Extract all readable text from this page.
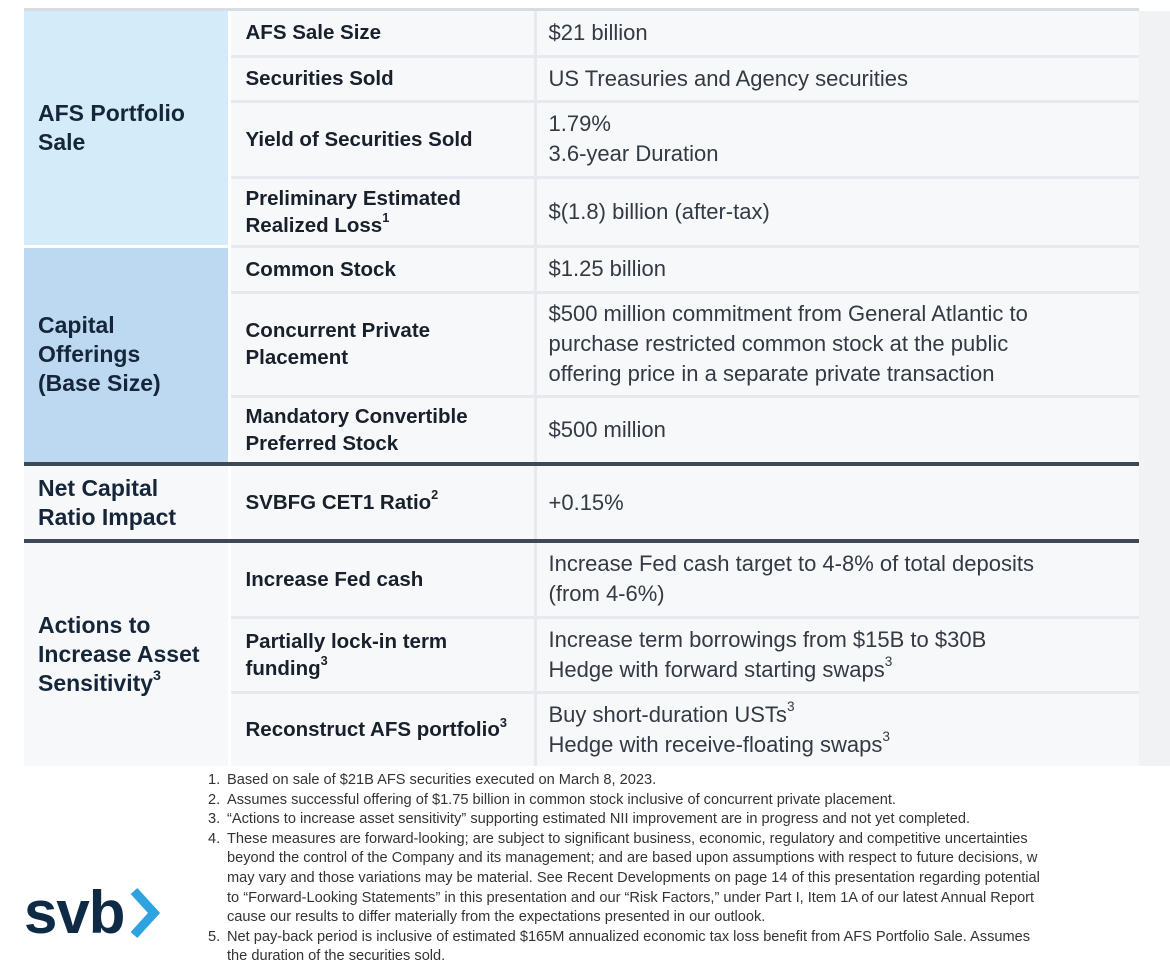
AFS Portfolio
Sale	AFS Sale Size	$21 billion

	Securities Sold	US Treasuries and Agency securities

	Yield of Securities Sold	1.79%
3.6-year Duration

	Preliminary Estimated
Realized Loss$^1$	$(1.8) billion (after-tax)

Capital
Offerings
(Base Size)	Common Stock	$1.25 billion

	Concurrent Private
Placement	$500 million commitment from General Atlantic to
purchase restricted common stock at the public
offering price in a separate private transaction

	Mandatory Convertible
Preferred Stock	$500 million

Net Capital
Ratio Impact	SVBFG CET1 Ratio$^2$	+0.15%

Actions to
Increase Asset
Sensitivity$^3$	Increase Fed cash	Increase Fed cash target to 4-8% of total deposits
(from 4-6%)

	Partially lock-in term
funding$^3$	Increase term borrowings from $15B to $30B
Hedge with forward starting swaps$^3$

	Reconstruct AFS portfolio$^3$	Buy short-duration USTs$^3$
Hedge with receive-floating swaps$^3$
1. Based on sale of $21B AFS securities executed on March 8, 2023.
2. Assumes successful offering of $1.75 billion in common stock inclusive of concurrent private placement.
3. “Actions to increase asset sensitivity” supporting estimated NII improvement are in progress and not yet completed.
4. These measures are forward-looking; are subject to significant business, economic, regulatory and competitive uncertainties
beyond the control of the Company and its management; and are based upon assumptions with respect to future decisions, w
may vary and those variations may be material. See Recent Developments on page 14 of this presentation regarding potential
to “Forward-Looking Statements” in this presentation and our “Risk Factors,” under Part I, Item 1A of our latest Annual Report
cause our results to differ materially from the expectations presented in our outlook.
5. Net pay-back period is inclusive of estimated $165M annualized economic tax loss benefit from AFS Portfolio Sale. Assumes
the duration of the securities sold.
svb
